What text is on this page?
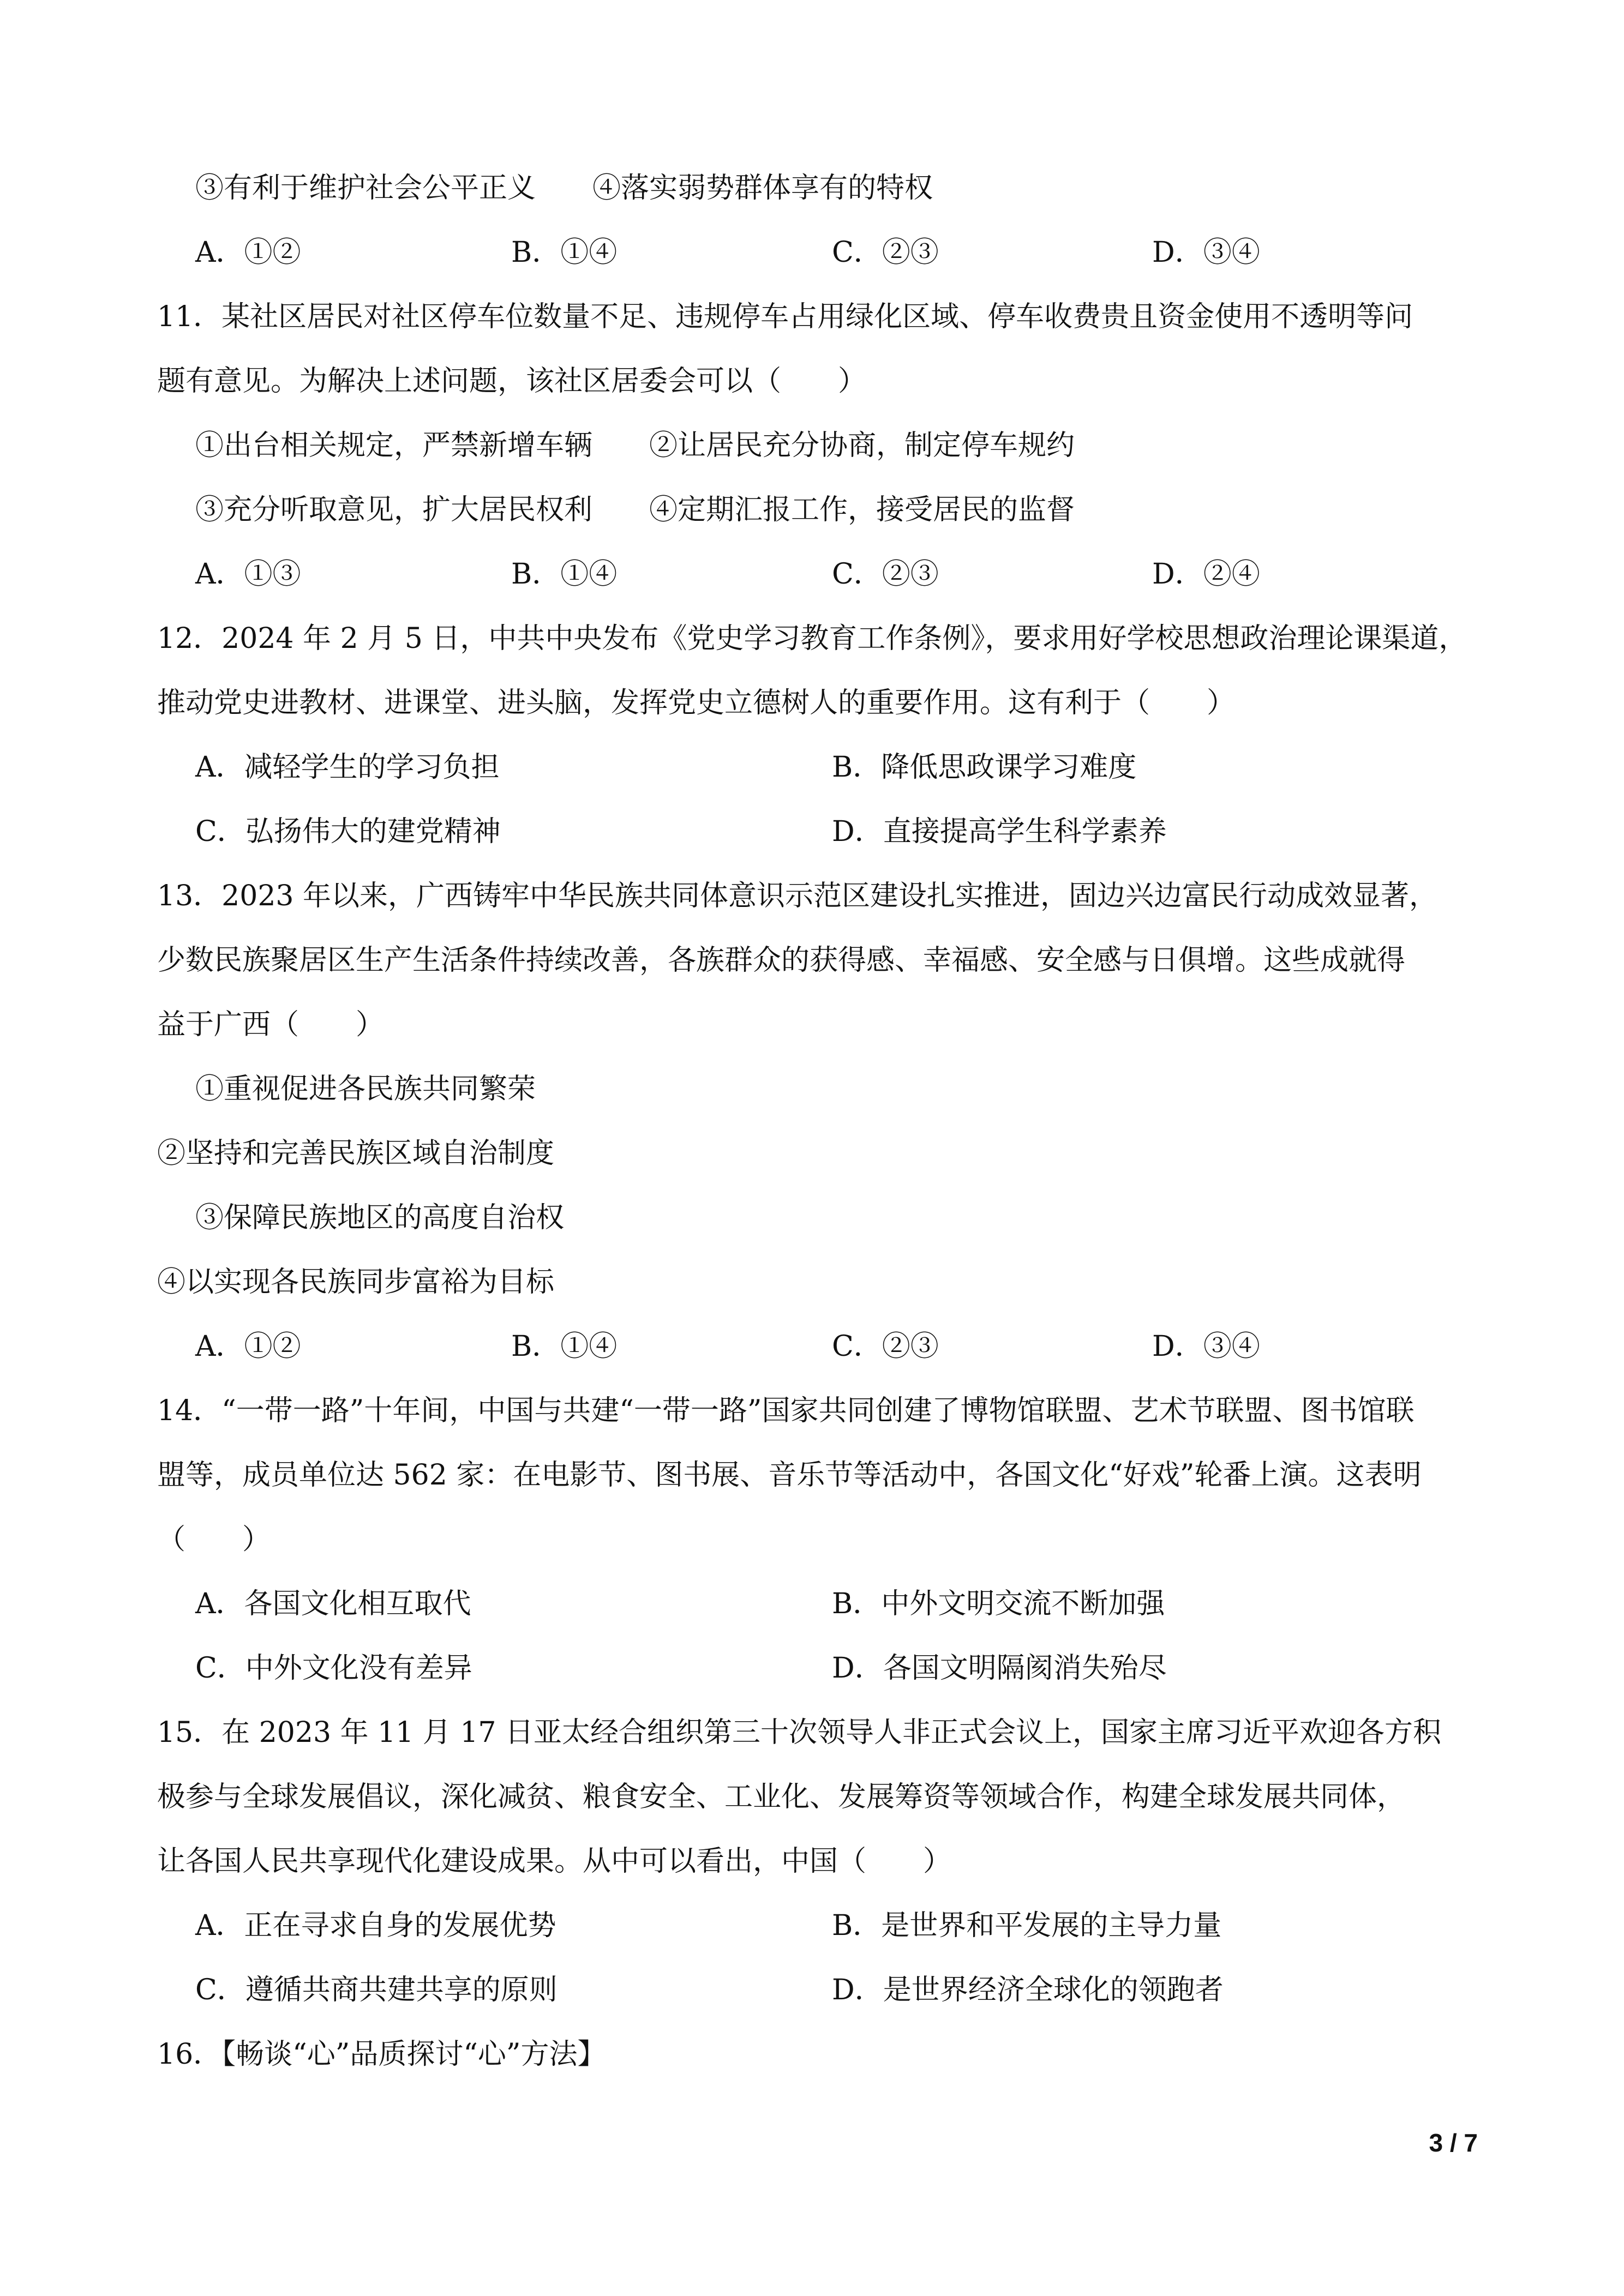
③有利于维护社会公平正义　　④落实弱势群体享有的特权
A．①②	B．①④	C．②③	D．③④
11．某社区居民对社区停车位数量不足、违规停车占用绿化区域、停车收费贵且资金使用不透明等问
题有意见。为解决上述问题，该社区居委会可以（　　）
①出台相关规定，严禁新增车辆　　②让居民充分协商，制定停车规约
③充分听取意见，扩大居民权利　　④定期汇报工作，接受居民的监督
A．①③	B．①④	C．②③	D．②④
12．2024 年 2 月 5 日，中共中央发布《党史学习教育工作条例》，要求用好学校思想政治理论课渠道，
推动党史进教材、进课堂、进头脑，发挥党史立德树人的重要作用。这有利于（　　）
A．减轻学生的学习负担	B．降低思政课学习难度
C．弘扬伟大的建党精神	D．直接提高学生科学素养
13．2023 年以来，广西铸牢中华民族共同体意识示范区建设扎实推进，固边兴边富民行动成效显著，
少数民族聚居区生产生活条件持续改善，各族群众的获得感、幸福感、安全感与日俱增。这些成就得
益于广西（　　）
①重视促进各民族共同繁荣
②坚持和完善民族区域自治制度
③保障民族地区的高度自治权
④以实现各民族同步富裕为目标
A．①②	B．①④	C．②③	D．③④
14．“一带一路”十年间，中国与共建“一带一路”国家共同创建了博物馆联盟、艺术节联盟、图书馆联
盟等，成员单位达 562 家：在电影节、图书展、音乐节等活动中，各国文化“好戏”轮番上演。这表明
（　　）
A．各国文化相互取代	B．中外文明交流不断加强
C．中外文化没有差异	D．各国文明隔阂消失殆尽
15．在 2023 年 11 月 17 日亚太经合组织第三十次领导人非正式会议上，国家主席习近平欢迎各方积
极参与全球发展倡议，深化减贫、粮食安全、工业化、发展筹资等领域合作，构建全球发展共同体，
让各国人民共享现代化建设成果。从中可以看出，中国（　　）
A．正在寻求自身的发展优势	B．是世界和平发展的主导力量
C．遵循共商共建共享的原则	D．是世界经济全球化的领跑者
16．【畅谈“心”品质探讨“心”方法】
3 / 7
